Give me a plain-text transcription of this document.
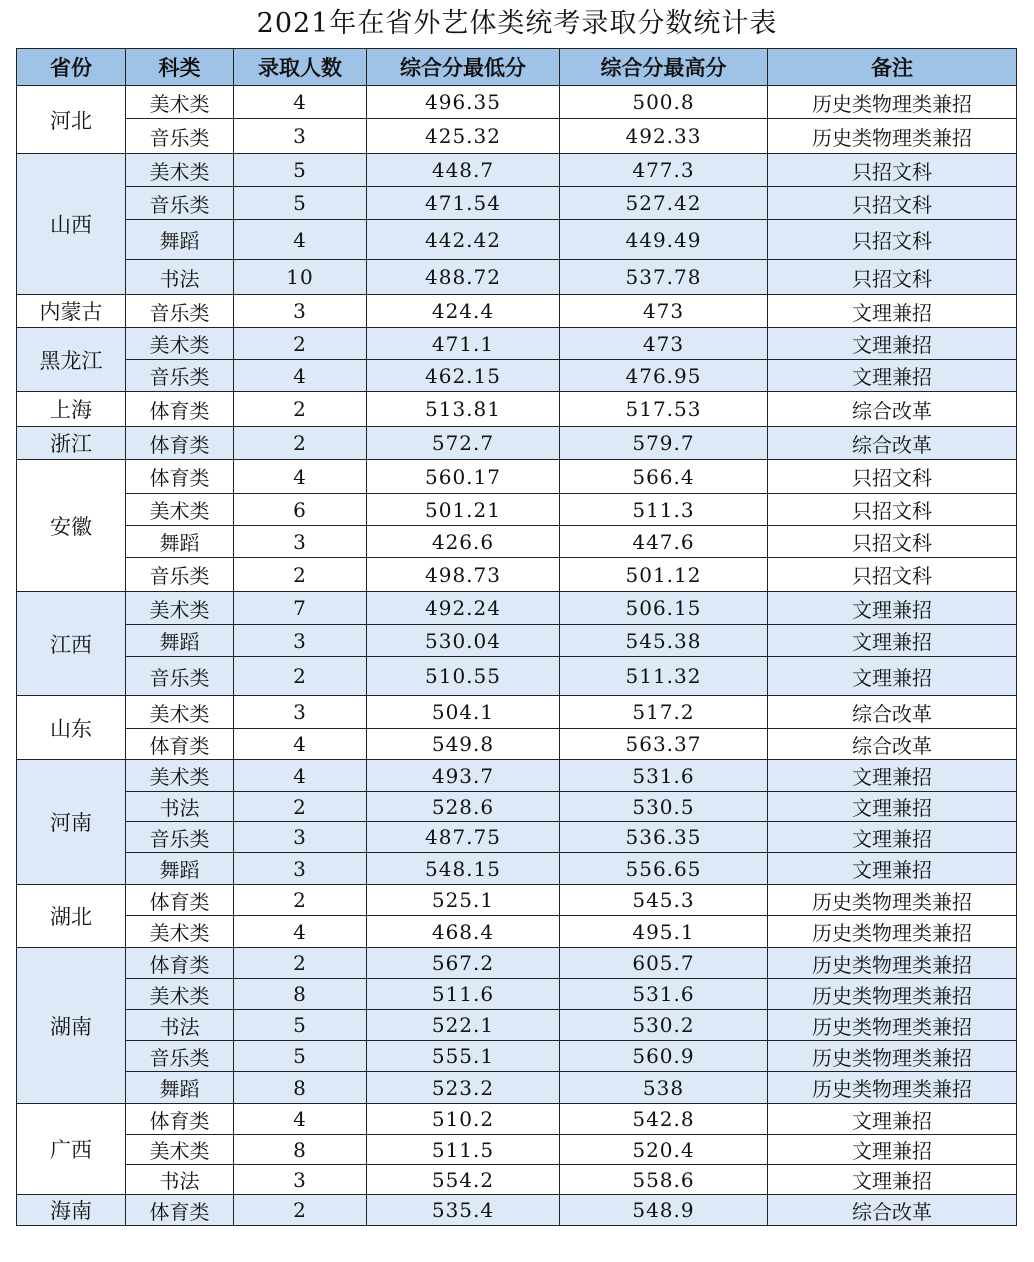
2021年在省外艺体类统考录取分数统计表
省份	科类	录取人数	综合分最低分	综合分最高分	备注
河北	美术类	4	496.35	500.8	历史类物理类兼招
	音乐类	3	425.32	492.33	历史类物理类兼招
山西	美术类	5	448.7	477.3	只招文科
	音乐类	5	471.54	527.42	只招文科
	舞蹈	4	442.42	449.49	只招文科
	书法	10	488.72	537.78	只招文科
内蒙古	音乐类	3	424.4	473	文理兼招
黑龙江	美术类	2	471.1	473	文理兼招
	音乐类	4	462.15	476.95	文理兼招
上海	体育类	2	513.81	517.53	综合改革
浙江	体育类	2	572.7	579.7	综合改革
安徽	体育类	4	560.17	566.4	只招文科
	美术类	6	501.21	511.3	只招文科
	舞蹈	3	426.6	447.6	只招文科
	音乐类	2	498.73	501.12	只招文科
江西	美术类	7	492.24	506.15	文理兼招
	舞蹈	3	530.04	545.38	文理兼招
	音乐类	2	510.55	511.32	文理兼招
山东	美术类	3	504.1	517.2	综合改革
	体育类	4	549.8	563.37	综合改革
河南	美术类	4	493.7	531.6	文理兼招
	书法	2	528.6	530.5	文理兼招
	音乐类	3	487.75	536.35	文理兼招
	舞蹈	3	548.15	556.65	文理兼招
湖北	体育类	2	525.1	545.3	历史类物理类兼招
	美术类	4	468.4	495.1	历史类物理类兼招
湖南	体育类	2	567.2	605.7	历史类物理类兼招
	美术类	8	511.6	531.6	历史类物理类兼招
	书法	5	522.1	530.2	历史类物理类兼招
	音乐类	5	555.1	560.9	历史类物理类兼招
	舞蹈	8	523.2	538	历史类物理类兼招
广西	体育类	4	510.2	542.8	文理兼招
	美术类	8	511.5	520.4	文理兼招
	书法	3	554.2	558.6	文理兼招
海南	体育类	2	535.4	548.9	综合改革
